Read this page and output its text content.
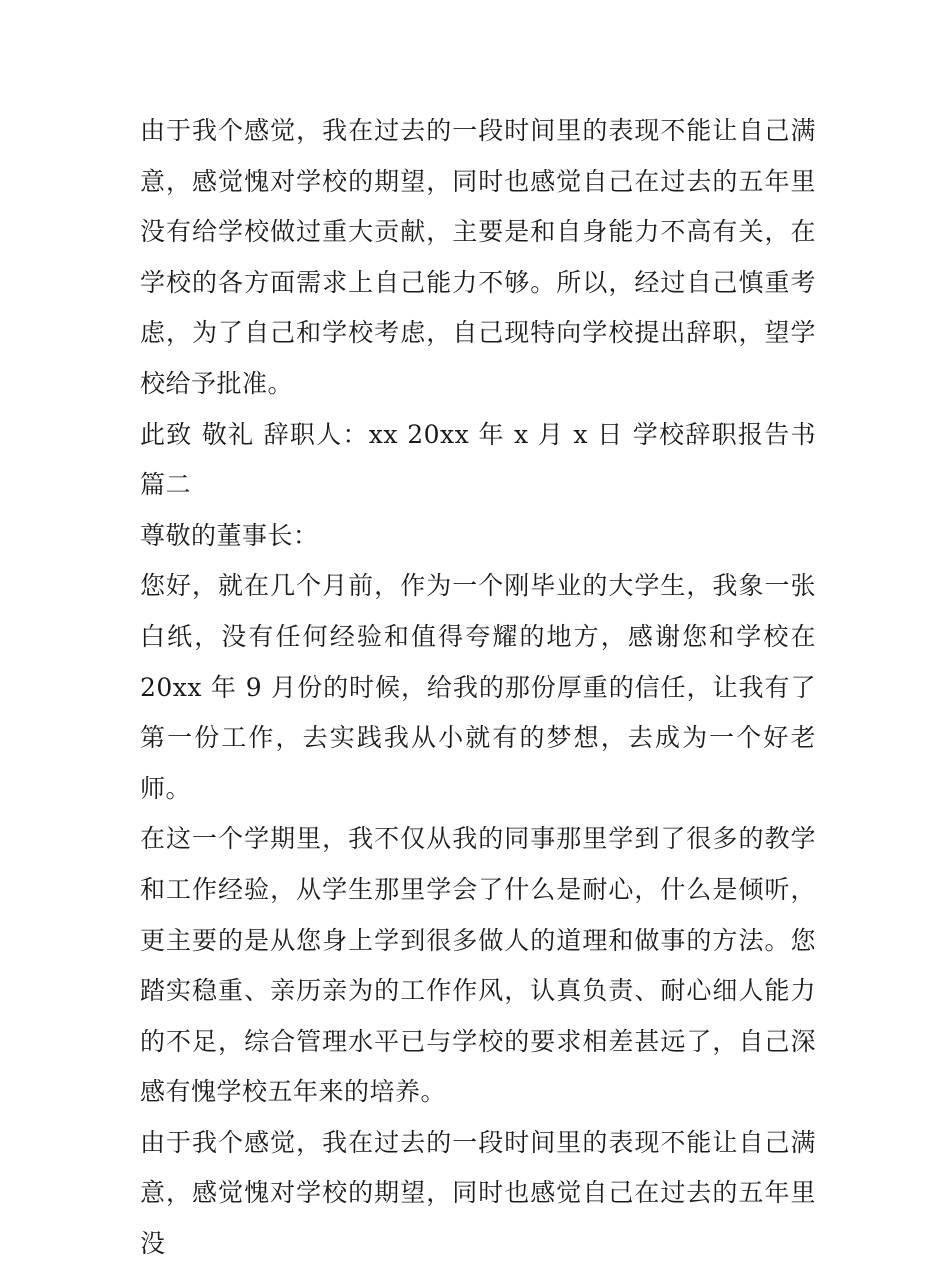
由于我个感觉，我在过去的一段时间里的表现不能让自己满意，感觉愧对学校的期望，同时也感觉自己在过去的五年里没有给学校做过重大贡献，主要是和自身能力不高有关，在学校的各方面需求上自己能力不够。所以，经过自己慎重考虑，为了自己和学校考虑，自己现特向学校提出辞职，望学校给予批准。

此致 敬礼 辞职人：xx 20xx 年 x 月 x 日 学校辞职报告书篇二

尊敬的董事长：

您好，就在几个月前，作为一个刚毕业的大学生，我象一张白纸，没有任何经验和值得夸耀的地方，感谢您和学校在 20xx 年 9 月份的时候，给我的那份厚重的信任，让我有了第一份工作，去实践我从小就有的梦想，去成为一个好老师。

在这一个学期里，我不仅从我的同事那里学到了很多的教学和工作经验，从学生那里学会了什么是耐心，什么是倾听，更主要的是从您身上学到很多做人的道理和做事的方法。您踏实稳重、亲历亲为的工作作风，认真负责、耐心细人能力的不足，综合管理水平已与学校的要求相差甚远了，自己深感有愧学校五年来的培养。

由于我个感觉，我在过去的一段时间里的表现不能让自己满意，感觉愧对学校的期望，同时也感觉自己在过去的五年里没
